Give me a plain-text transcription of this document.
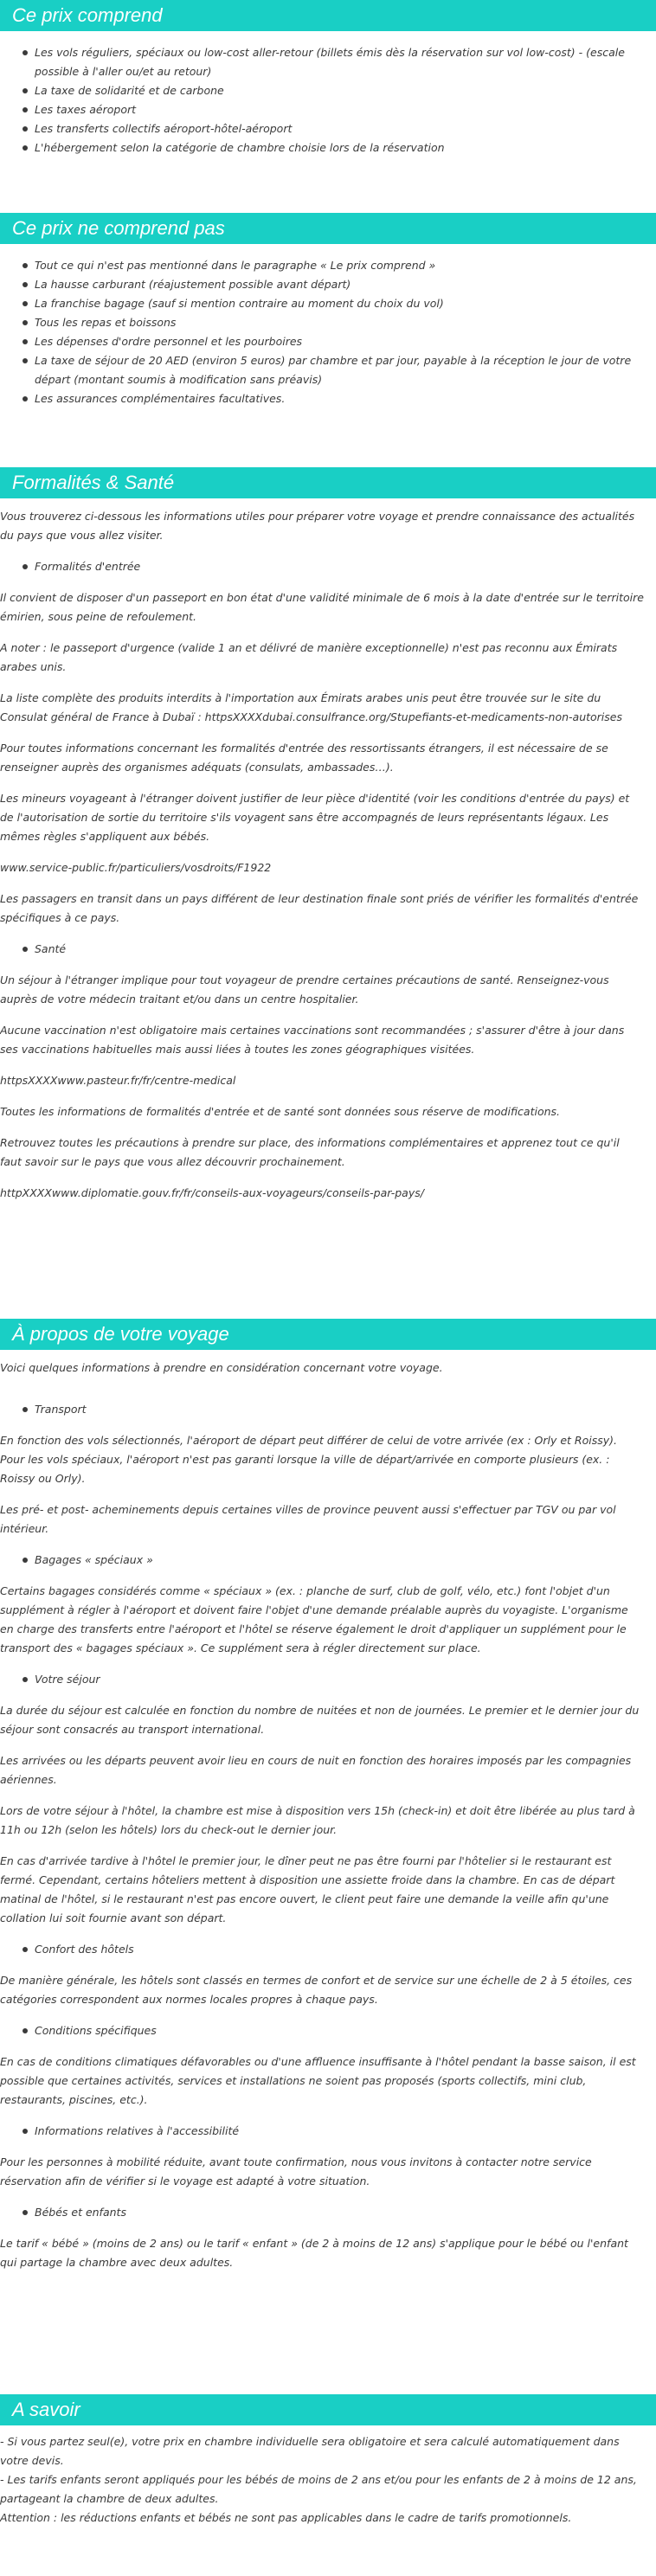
Ce prix comprend
Les vols réguliers, spéciaux ou low-cost aller-retour (billets émis dès la réservation sur vol low-cost) - (escale possible à l'aller ou/et au retour)
La taxe de solidarité et de carbone
Les taxes aéroport
Les transferts collectifs aéroport-hôtel-aéroport
L'hébergement selon la catégorie de chambre choisie lors de la réservation
Ce prix ne comprend pas
Tout ce qui n'est pas mentionné dans le paragraphe « Le prix comprend »
La hausse carburant (réajustement possible avant départ)
La franchise bagage (sauf si mention contraire au moment du choix du vol)
Tous les repas et boissons
Les dépenses d'ordre personnel et les pourboires
La taxe de séjour de 20 AED (environ 5 euros) par chambre et par jour, payable à la réception le jour de votre départ (montant soumis à modification sans préavis)
Les assurances complémentaires facultatives.
Formalités & Santé

Vous trouverez ci-dessous les informations utiles pour préparer votre voyage et prendre connaissance des actualités du pays que vous allez visiter.

Formalités d'entrée

Il convient de disposer d'un passeport en bon état d'une validité minimale de 6 mois à la date d'entrée sur le territoire émirien, sous peine de refoulement.

A noter : le passeport d'urgence (valide 1 an et délivré de manière exceptionnelle) n'est pas reconnu aux Émirats arabes unis.

La liste complète des produits interdits à l'importation aux Émirats arabes unis peut être trouvée sur le site du Consulat général de France à Dubaï : httpsXXXXdubai.consulfrance.org/Stupefiants-et-medicaments-non-autorises

Pour toutes informations concernant les formalités d'entrée des ressortissants étrangers, il est nécessaire de se renseigner auprès des organismes adéquats (consulats, ambassades…).

Les mineurs voyageant à l'étranger doivent justifier de leur pièce d'identité (voir les conditions d'entrée du pays) et de l'autorisation de sortie du territoire s'ils voyagent sans être accompagnés de leurs représentants légaux. Les mêmes règles s'appliquent aux bébés.

www.service-public.fr/particuliers/vosdroits/F1922

Les passagers en transit dans un pays différent de leur destination finale sont priés de vérifier les formalités d'entrée spécifiques à ce pays.

Santé

Un séjour à l'étranger implique pour tout voyageur de prendre certaines précautions de santé. Renseignez-vous auprès de votre médecin traitant et/ou dans un centre hospitalier.

Aucune vaccination n'est obligatoire mais certaines vaccinations sont recommandées ; s'assurer d'être à jour dans ses vaccinations habituelles mais aussi liées à toutes les zones géographiques visitées.

httpsXXXXwww.pasteur.fr/fr/centre-medical

Toutes les informations de formalités d'entrée et de santé sont données sous réserve de modifications.

Retrouvez toutes les précautions à prendre sur place, des informations complémentaires et apprenez tout ce qu'il faut savoir sur le pays que vous allez découvrir prochainement.

httpXXXXwww.diplomatie.gouv.fr/fr/conseils-aux-voyageurs/conseils-par-pays/

À propos de votre voyage

Voici quelques informations à prendre en considération concernant votre voyage.

Transport

En fonction des vols sélectionnés, l'aéroport de départ peut différer de celui de votre arrivée (ex : Orly et Roissy). Pour les vols spéciaux, l'aéroport n'est pas garanti lorsque la ville de départ/arrivée en comporte plusieurs (ex. : Roissy ou Orly).

Les pré- et post- acheminements depuis certaines villes de province peuvent aussi s'effectuer par TGV ou par vol intérieur.

Bagages « spéciaux »

Certains bagages considérés comme « spéciaux » (ex. : planche de surf, club de golf, vélo, etc.) font l'objet d'un supplément à régler à l'aéroport et doivent faire l'objet d'une demande préalable auprès du voyagiste. L'organisme en charge des transferts entre l'aéroport et l'hôtel se réserve également le droit d'appliquer un supplément pour le transport des « bagages spéciaux ». Ce supplément sera à régler directement sur place.

Votre séjour

La durée du séjour est calculée en fonction du nombre de nuitées et non de journées. Le premier et le dernier jour du séjour sont consacrés au transport international.

Les arrivées ou les départs peuvent avoir lieu en cours de nuit en fonction des horaires imposés par les compagnies aériennes.

Lors de votre séjour à l'hôtel, la chambre est mise à disposition vers 15h (check-in) et doit être libérée au plus tard à 11h ou 12h (selon les hôtels) lors du check-out le dernier jour.

En cas d'arrivée tardive à l'hôtel le premier jour, le dîner peut ne pas être fourni par l'hôtelier si le restaurant est fermé. Cependant, certains hôteliers mettent à disposition une assiette froide dans la chambre. En cas de départ matinal de l'hôtel, si le restaurant n'est pas encore ouvert, le client peut faire une demande la veille afin qu'une collation lui soit fournie avant son départ.

Confort des hôtels

De manière générale, les hôtels sont classés en termes de confort et de service sur une échelle de 2 à 5 étoiles, ces catégories correspondent aux normes locales propres à chaque pays.

Conditions spécifiques

En cas de conditions climatiques défavorables ou d'une affluence insuffisante à l'hôtel pendant la basse saison, il est possible que certaines activités, services et installations ne soient pas proposés (sports collectifs, mini club, restaurants, piscines, etc.).

Informations relatives à l'accessibilité

Pour les personnes à mobilité réduite, avant toute confirmation, nous vous invitons à contacter notre service réservation afin de vérifier si le voyage est adapté à votre situation.

Bébés et enfants

Le tarif « bébé » (moins de 2 ans) ou le tarif « enfant » (de 2 à moins de 12 ans) s'applique pour le bébé ou l'enfant qui partage la chambre avec deux adultes.

A savoir

- Si vous partez seul(e), votre prix en chambre individuelle sera obligatoire et sera calculé automatiquement dans votre devis.

- Les tarifs enfants seront appliqués pour les bébés de moins de 2 ans et/ou pour les enfants de 2 à moins de 12 ans, partageant la chambre de deux adultes.

Attention : les réductions enfants et bébés ne sont pas applicables dans le cadre de tarifs promotionnels.
